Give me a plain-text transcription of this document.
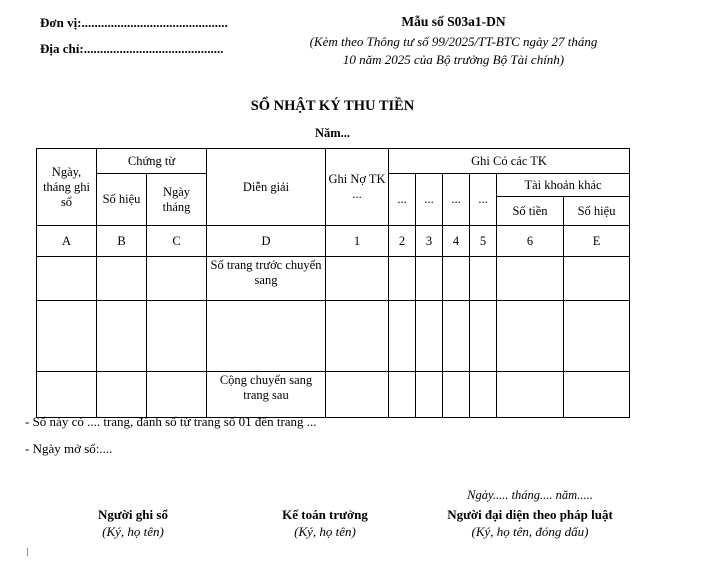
Đơn vị:.............................................
Địa chỉ:...........................................
Mẫu số S03a1-DN
(Kèm theo Thông tư số 99/2025/TT-BTC ngày 27 tháng
10 năm 2025 của Bộ trưởng Bộ Tài chính)
SỔ NHẬT KÝ THU TIỀN
Năm...
Ngày, tháng ghi sổ	Chứng từ		Diễn giải	Ghi Nợ TK ...	Ghi Có các TK					
	Số hiệu	Ngày tháng			...	...	...	...	Tài khoản khác	
									Số tiền	Số hiệu
A	B	C	D	1	2	3	4	5	6	E
			Số trang trước chuyển sang							

			Cộng chuyển sang trang sau							
- Sổ này có .... trang, đánh số từ trang số 01 đến trang ...
- Ngày mở sổ:....
Người ghi sổ
(Ký, họ tên)
Kế toán trưởng
(Ký, họ tên)
Ngày..... tháng.... năm.....
Người đại diện theo pháp luật
(Ký, họ tên, đóng dấu)
